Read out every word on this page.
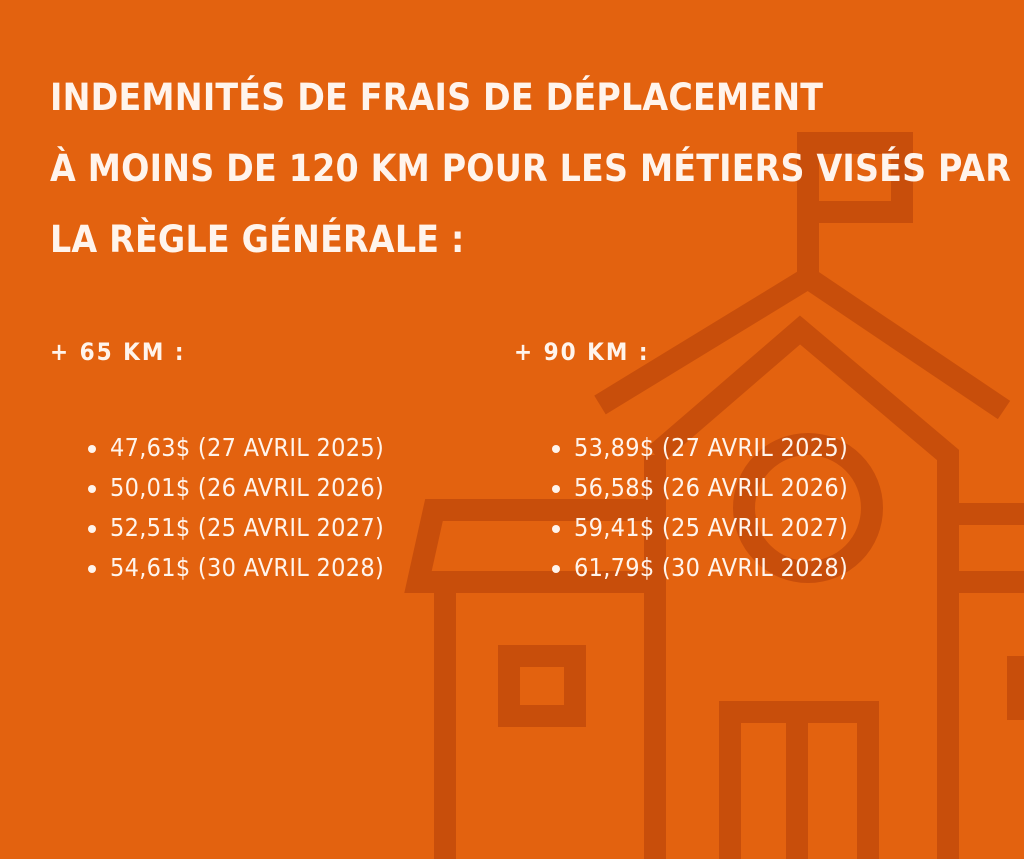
INDEMNITÉS DE FRAIS DE DÉPLACEMENT
À MOINS DE 120 KM POUR LES MÉTIERS VISÉS PAR
LA RÈGLE GÉNÉRALE :
+ 65 KM :
• 47,63$ (27 AVRIL 2025)
• 50,01$ (26 AVRIL 2026)
• 52,51$ (25 AVRIL 2027)
• 54,61$ (30 AVRIL 2028)
+ 90 KM :
• 53,89$ (27 AVRIL 2025)
• 56,58$ (26 AVRIL 2026)
• 59,41$ (25 AVRIL 2027)
• 61,79$ (30 AVRIL 2028)
